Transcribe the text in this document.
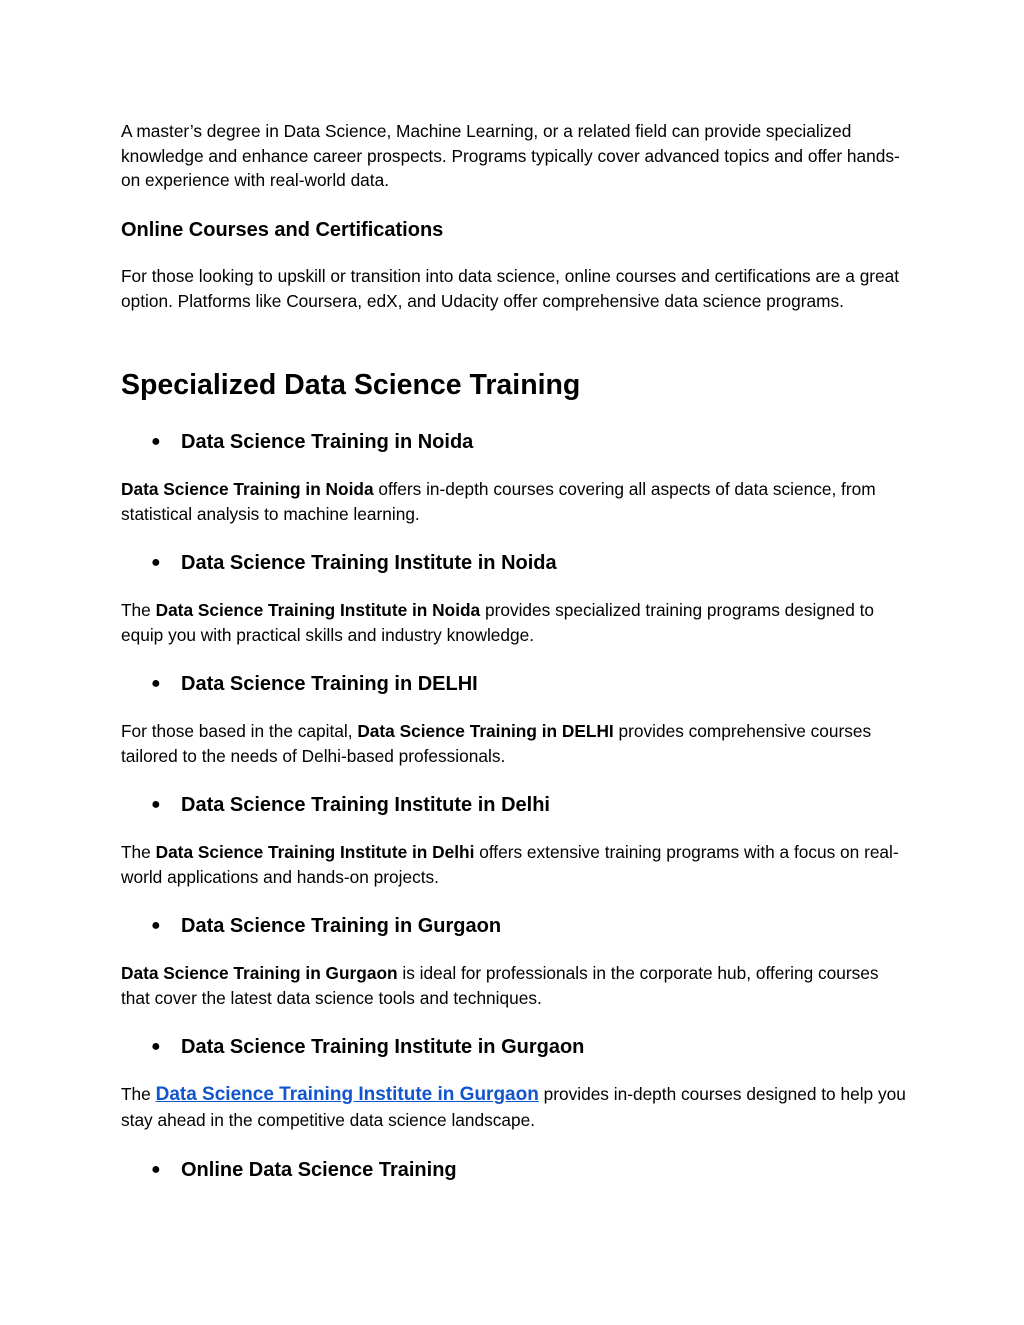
A master’s degree in Data Science, Machine Learning, or a related field can provide specialized knowledge and enhance career prospects. Programs typically cover advanced topics and offer hands-on experience with real-world data.

Online Courses and Certifications

For those looking to upskill or transition into data science, online courses and certifications are a great option. Platforms like Coursera, edX, and Udacity offer comprehensive data science programs.

Specialized Data Science Training
●	Data Science Training in Noida

Data Science Training in Noida offers in-depth courses covering all aspects of data science, from statistical analysis to machine learning.

●	Data Science Training Institute in Noida

The Data Science Training Institute in Noida provides specialized training programs designed to equip you with practical skills and industry knowledge.

●	Data Science Training in DELHI

For those based in the capital, Data Science Training in DELHI provides comprehensive courses tailored to the needs of Delhi-based professionals.

●	Data Science Training Institute in Delhi

The Data Science Training Institute in Delhi offers extensive training programs with a focus on real-world applications and hands-on projects.

●	Data Science Training in Gurgaon

Data Science Training in Gurgaon is ideal for professionals in the corporate hub, offering courses that cover the latest data science tools and techniques.

●	Data Science Training Institute in Gurgaon

The Data Science Training Institute in Gurgaon provides in-depth courses designed to help you stay ahead in the competitive data science landscape.

●	Online Data Science Training
